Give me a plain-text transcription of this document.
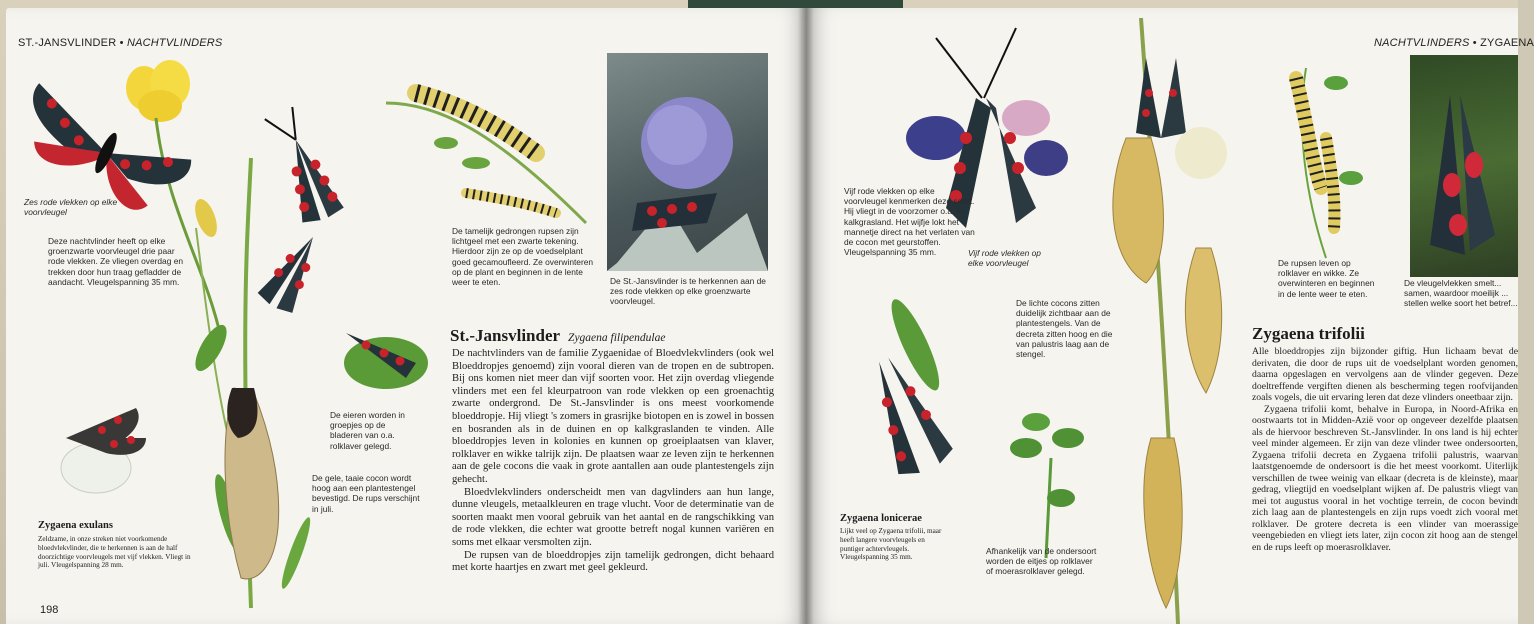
ST.-JANSVLINDER • NACHTVLINDERS
Zes rode vlekken op elke voorvleugel
Deze nachtvlinder heeft op elke groenzwarte voorvleugel drie paar rode vlekken. Ze vliegen overdag en trekken door hun traag gefladder de aandacht. Vleugelspanning 35 mm.
De tamelijk gedrongen rupsen zijn lichtgeel met een zwarte tekening. Hierdoor zijn ze op de voedselplant goed gecamoufleerd. Ze overwinteren op de plant en beginnen in de lente weer te eten.	De St.-Jansvlinder is te herkennen aan de zes rode vlekken op elke groenzwarte voorvleugel.
De eieren worden in groepjes op de bladeren van o.a. rolklaver gelegd.
De gele, taaie cocon wordt hoog aan een plantestengel bevestigd. De rups verschijnt in juli.
Zygaena exulans
Zeldzame, in onze streken niet voorkomende bloedvlekvlinder, die te herkennen is aan de half doorzichtige voorvleugels met vijf vlekken. Vliegt in juli. Vleugelspanning 28 mm.
St.-Jansvlinder Zygaena filipendulae

De nachtvlinders van de familie Zygaenidae of Bloedvlekvlinders (ook wel Bloeddropjes genoemd) zijn vooral dieren van de tropen en de subtropen. Bij ons komen niet meer dan vijf soorten voor. Het zijn overdag vliegende vlinders met een fel kleurpatroon van rode vlekken op een groenachtig zwarte ondergrond. De St.-Jansvlinder is ons meest voorkomende bloeddropje. Hij vliegt 's zomers in grasrijke biotopen en is zowel in bossen en bosranden als in de duinen en op kalkgraslanden te vinden. Alle bloeddropjes leven in kolonies en kunnen op groeiplaatsen van klaver, rolklaver en wikke talrijk zijn. De plaatsen waar ze leven zijn te herkennen aan de gele cocons die vaak in grote aantallen aan oude plantestengels zijn gehecht.

Bloedvlekvlinders onderscheidt men van dagvlinders aan hun lange, dunne vleugels, metaalkleuren en trage vlucht. Voor de determinatie van de soorten maakt men vooral gebruik van het aantal en de rangschikking van de rode vlekken, die echter wat grootte betreft nogal kunnen variëren en soms met elkaar versmolten zijn.

De rupsen van de bloeddropjes zijn tamelijk gedrongen, dicht behaard met korte haartjes en zwart met geel gekleurd.

198
NACHTVLINDERS • ZYGAENA
Vijf rode vlekken op elke voorvleugel kenmerken deze soort. Hij vliegt in de voorzomer o.a. in kalkgrasland. Het wijfje lokt het mannetje direct na het verlaten van de cocon met geurstoffen. Vleugelspanning 35 mm.	Vijf rode vlekken op elke voorvleugel
De lichte cocons zitten duidelijk zichtbaar aan de plantestengels. Van de decreta zitten hoog en die van palustris laag aan de stengel.
De rupsen leven op rolklaver en wikke. Ze overwinteren en beginnen in de lente weer te eten.
De vleugelvlekken smelt... samen, waardoor moeilijk ... stellen welke soort het betref...
Zygaena lonicerae
Lijkt veel op Zygaena trifolii, maar heeft langere voorvleugels en puntiger achtervleugels. Vleugelspanning 35 mm.
Afhankelijk van de ondersoort worden de eitjes op rolklaver of moerasrolklaver gelegd.
Zygaena trifolii

Alle bloeddropjes zijn bijzonder giftig. Hun lichaam bevat de derivaten, die door de rups uit de voedselplant worden genomen, daarna opgeslagen en vervolgens aan de vlinder gegeven. Deze doeltreffende vergiften dienen als bescherming tegen roofvijanden zoals vogels, die uit ervaring leren dat deze vlinders oneetbaar zijn.

Zygaena trifolii komt, behalve in Europa, in Noord-Afrika en oostwaarts tot in Midden-Azië voor op ongeveer dezelfde plaatsen als de hiervoor beschreven St.-Jansvlinder. In ons land is hij echter veel minder algemeen. Er zijn van deze vlinder twee ondersoorten, Zygaena trifolii decreta en Zygaena trifolii palustris, waarvan laatstgenoemde de ondersoort is die het meest voorkomt. Uiterlijk verschillen de twee weinig van elkaar (decreta is de kleinste), maar gedrag, vliegtijd en voedselplant wijken af. De palustris vliegt van mei tot augustus vooral in het vochtige terrein, de cocon bevindt zich laag aan de plantestengels en zijn rups voedt zich vooral met rolklaver. De grotere decreta is een vlinder van moerassige veengebieden en vliegt iets later, zijn cocon zit hoog aan de stengel en de rups leeft op moerasrolklaver.
